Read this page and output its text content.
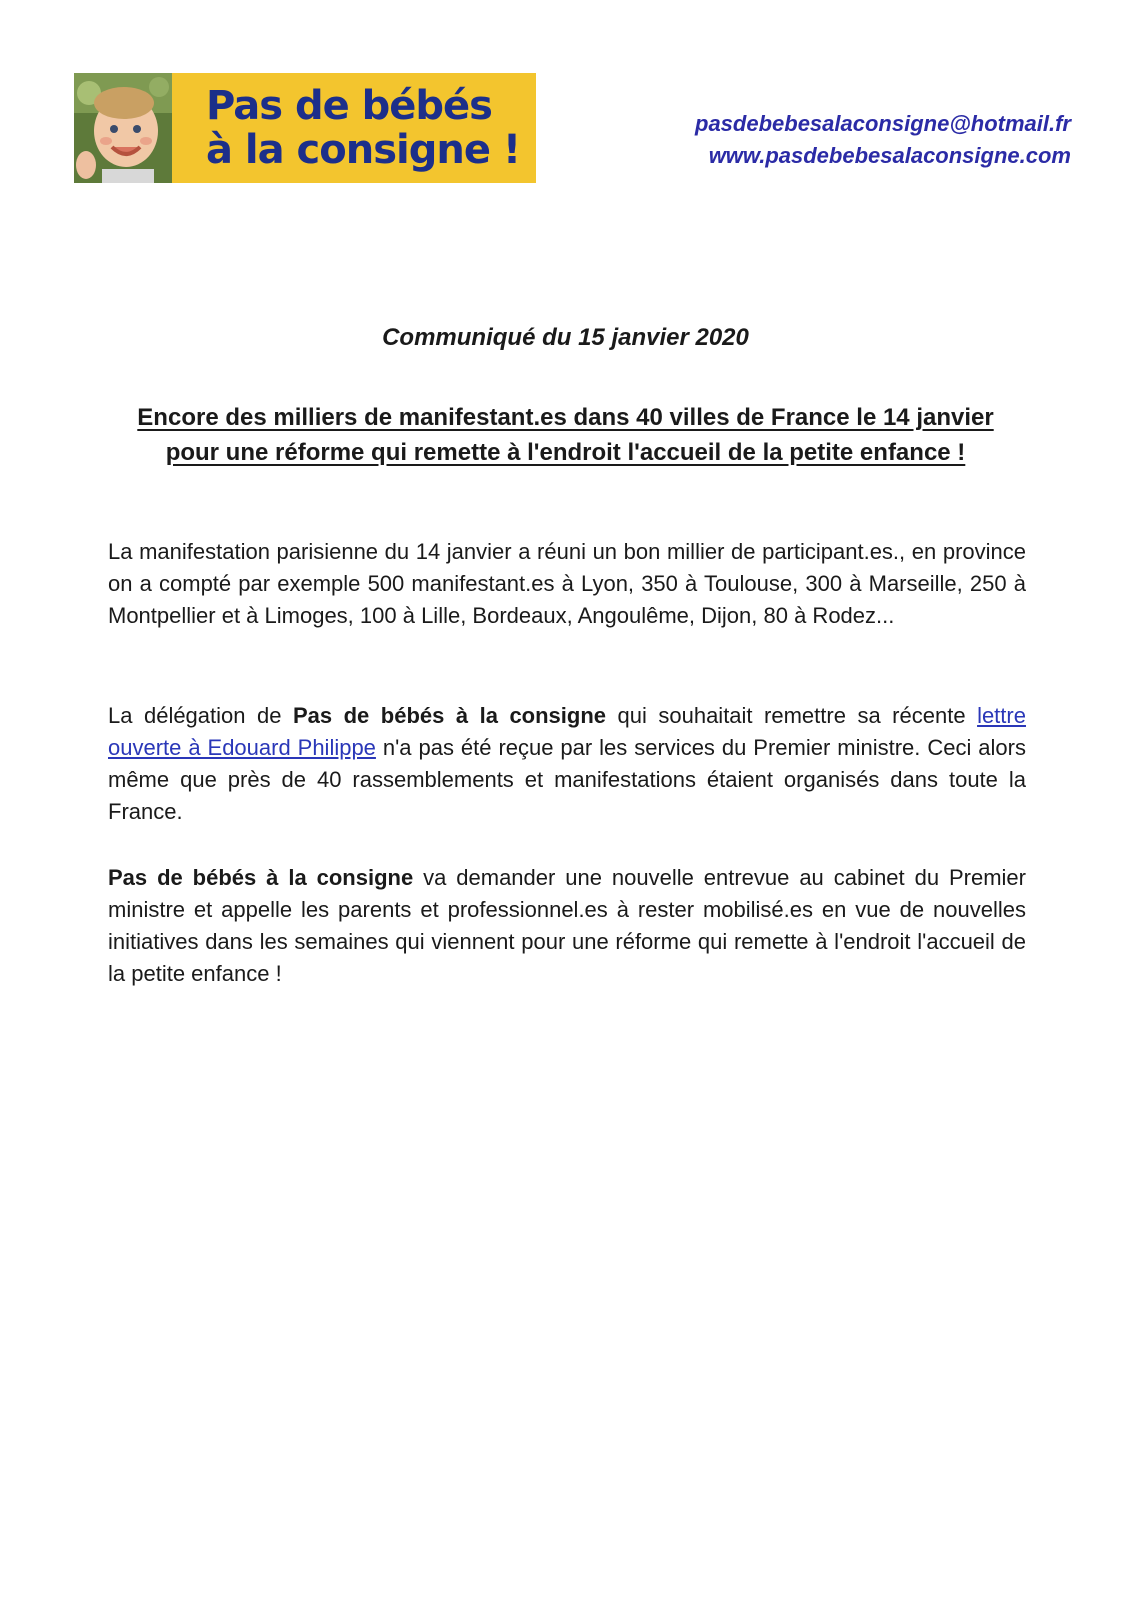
Pas de bébés
à la consigne !
pasdebebesalaconsigne@hotmail.fr
www.pasdebebesalaconsigne.com
Communiqué du 15 janvier 2020
Encore des milliers de manifestant.es dans 40 villes de France le 14 janvier
pour une réforme qui remette à l'endroit l'accueil de la petite enfance !

La manifestation parisienne du 14 janvier a réuni un bon millier de participant.es., en province on a compté par exemple 500 manifestant.es à Lyon, 350 à Toulouse, 300 à Marseille, 250 à Montpellier et à Limoges, 100 à Lille, Bordeaux, Angoulême, Dijon, 80 à Rodez...

La délégation de Pas de bébés à la consigne qui souhaitait remettre sa récente lettre ouverte à Edouard Philippe n'a pas été reçue par les services du Premier ministre. Ceci alors même que près de 40 rassemblements et manifestations étaient organisés dans toute la France.

Pas de bébés à la consigne va demander une nouvelle entrevue au cabinet du Premier ministre et appelle les parents et professionnel.es à rester mobilisé.es en vue de nouvelles initiatives dans les semaines qui viennent pour une réforme qui remette à l'endroit l'accueil de la petite enfance !
